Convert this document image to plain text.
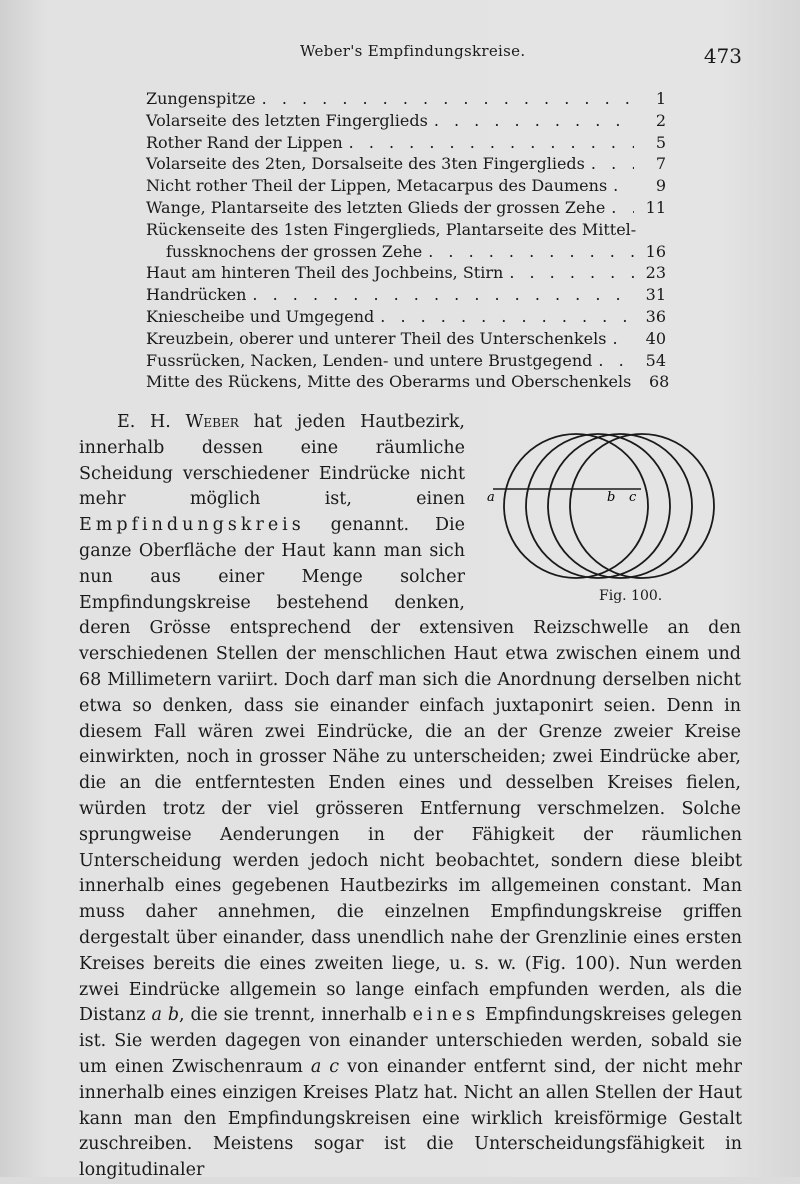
Weber's Empfindungskreise.	473
Zungenspitze . . .	1
Volarseite des letzten Fingerglieds . . .	2
Rother Rand der Lippen . . .	5
Volarseite des 2ten, Dorsalseite des 3ten Fingerglieds . . .	7
Nicht rother Theil der Lippen, Metacarpus des Daumens . . .	9
Wange, Plantarseite des letzten Glieds der grossen Zehe . . .	11
Rückenseite des 1sten Fingerglieds, Plantarseite des Mittel-
fussknochens der grossen Zehe . . .	16
Haut am hinteren Theil des Jochbeins, Stirn . . .	23
Handrücken . . .	31
Kniescheibe und Umgegend . . .	36
Kreuzbein, oberer und unterer Theil des Unterschenkels . . .	40
Fussrücken, Nacken, Lenden- und untere Brustgegend . . .	54
Mitte des Rückens, Mitte des Oberarms und Oberschenkels	68

a	b c
Fig. 100.
E. H. Weber hat jeden Hautbezirk, innerhalb dessen eine räumliche Scheidung verschiedener Eindrücke nicht mehr möglich ist, einen Empfindungskreis genannt. Die ganze Oberfläche der Haut kann man sich nun aus einer Menge solcher Empfindungskreise bestehend denken, deren Grösse entsprechend der extensiven Reizschwelle an den verschiedenen Stellen der menschlichen Haut etwa zwischen einem und 68 Millimetern variirt. Doch darf man sich die Anordnung derselben nicht etwa so denken, dass sie einander einfach juxtaponirt seien. Denn in diesem Fall wären zwei Eindrücke, die an der Grenze zweier Kreise einwirkten, noch in grosser Nähe zu unterscheiden; zwei Eindrücke aber, die an die entferntesten Enden eines und desselben Kreises fielen, würden trotz der viel grösseren Entfernung verschmelzen. Solche sprungweise Aenderungen in der Fähigkeit der räumlichen Unterscheidung werden jedoch nicht beobachtet, sondern diese bleibt innerhalb eines gegebenen Hautbezirks im allgemeinen constant. Man muss daher annehmen, die einzelnen Empfindungskreise griffen dergestalt über einander, dass unendlich nahe der Grenzlinie eines ersten Kreises bereits die eines zweiten liege, u. s. w. (Fig. 100). Nun werden zwei Eindrücke allgemein so lange einfach empfunden werden, als die Distanz a b, die sie trennt, innerhalb eines Empfindungskreises gelegen ist. Sie werden dagegen von einander unterschieden werden, sobald sie um einen Zwischenraum a c von einander entfernt sind, der nicht mehr innerhalb eines einzigen Kreises Platz hat. Nicht an allen Stellen der Haut kann man den Empfindungskreisen eine wirklich kreisförmige Gestalt zuschreiben. Meistens sogar ist die Unterscheidungsfähigkeit in longitudinaler
